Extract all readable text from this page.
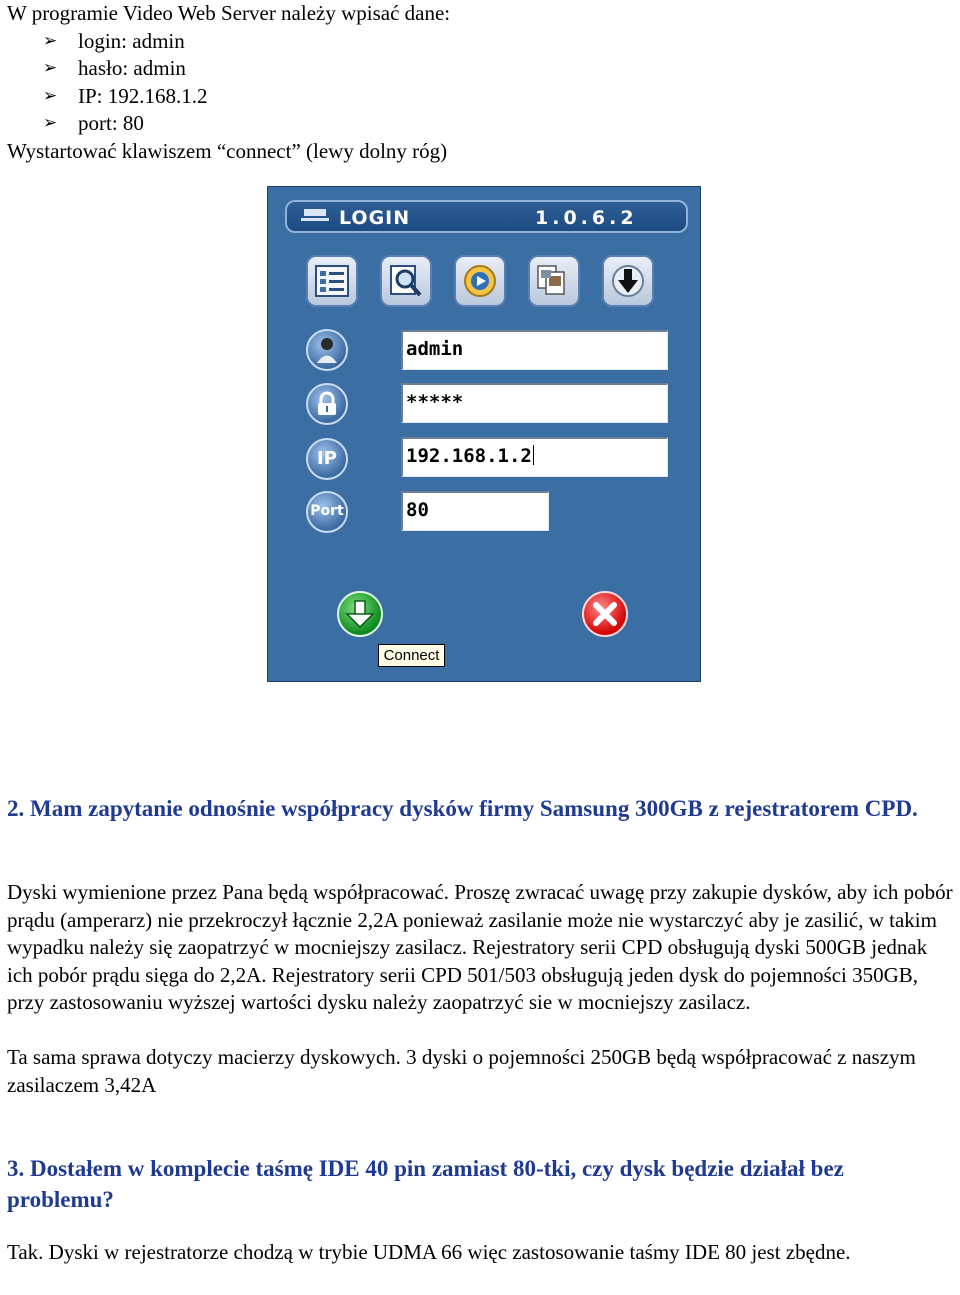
W programie Video Web Server należy wpisać dane:
➢ login: admin
➢ hasło: admin
➢ IP: 192.168.1.2
➢ port: 80
Wystartować klawiszem “connect” (lewy dolny róg)
LOGIN	1.0.6.2
IP
Port
admin
*****
192.168.1.2
80
Connect
2. Mam zapytanie odnośnie współpracy dysków firmy Samsung 300GB z rejestratorem CPD.
Dyski wymienione przez Pana będą współpracować. Proszę zwracać uwagę przy zakupie dysków, aby ich pobór prądu (amperarz) nie przekroczył łącznie 2,2A ponieważ zasilanie może nie wystarczyć aby je zasilić, w takim wypadku należy się zaopatrzyć w mocniejszy zasilacz. Rejestratory serii CPD obsługują dyski 500GB jednak ich pobór prądu sięga do 2,2A. Rejestratory serii CPD 501/503 obsługują jeden dysk do pojemności 350GB, przy zastosowaniu wyższej wartości dysku należy zaopatrzyć sie w mocniejszy zasilacz.
Ta sama sprawa dotyczy macierzy dyskowych. 3 dyski o pojemności 250GB będą współpracować z naszym zasilaczem 3,42A
3. Dostałem w komplecie taśmę IDE 40 pin zamiast 80-tki, czy dysk będzie działał bez problemu?
Tak. Dyski w rejestratorze chodzą w trybie UDMA 66 więc zastosowanie taśmy IDE 80 jest zbędne.
